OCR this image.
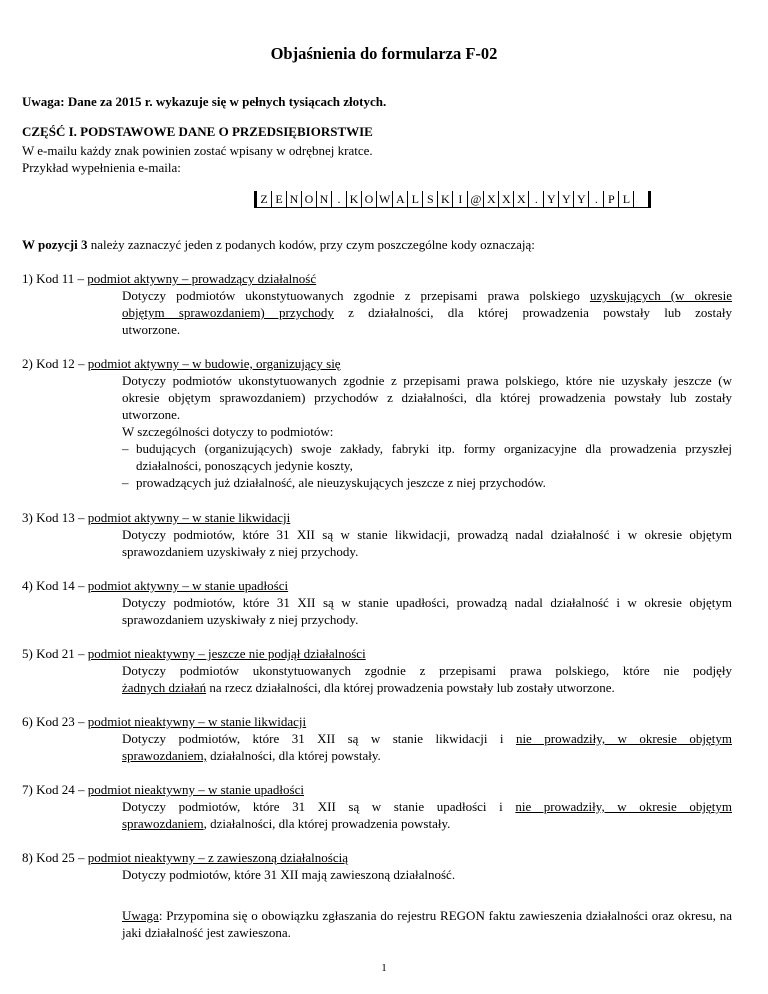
Objaśnienia do formularza F-02
Uwaga: Dane za 2015 r. wykazuje się w pełnych tysiącach złotych.
CZĘŚĆ I. PODSTAWOWE DANE O PRZEDSIĘBIORSTWIE
W e-mailu każdy znak powinien zostać wpisany w odrębnej kratce.
Przykład wypełnienia e-maila:
Z E N O N . K O W A L S K I @ X X X . Y Y Y . P L
W pozycji 3 należy zaznaczyć jeden z podanych kodów, przy czym poszczególne kody oznaczają:
1) Kod 11 – podmiot aktywny – prowadzący działalność

Dotyczy podmiotów ukonstytuowanych zgodnie z przepisami prawa polskiego uzyskujących (w okresie

objętym sprawozdaniem) przychody z działalności, dla której prowadzenia powstały lub zostały

utworzone.

2) Kod 12 – podmiot aktywny – w budowie, organizujący się

Dotyczy podmiotów ukonstytuowanych zgodnie z przepisami prawa polskiego, które nie uzyskały jeszcze (w okresie objętym sprawozdaniem) przychodów z działalności, dla której prowadzenia powstały lub zostały utworzone.

W szczególności dotyczy to podmiotów:

– budujących (organizujących) swoje zakłady, fabryki itp. formy organizacyjne dla prowadzenia przyszłej działalności, ponoszących jedynie koszty,

– prowadzących już działalność, ale nieuzyskujących jeszcze z niej przychodów.

3) Kod 13 – podmiot aktywny – w stanie likwidacji

Dotyczy podmiotów, które 31 XII są w stanie likwidacji, prowadzą nadal działalność i w okresie objętym sprawozdaniem uzyskiwały z niej przychody.

4) Kod 14 – podmiot aktywny – w stanie upadłości

Dotyczy podmiotów, które 31 XII są w stanie upadłości, prowadzą nadal działalność i w okresie objętym sprawozdaniem uzyskiwały z niej przychody.

5) Kod 21 – podmiot nieaktywny – jeszcze nie podjął działalności

Dotyczy podmiotów ukonstytuowanych zgodnie z przepisami prawa polskiego, które nie podjęły

żadnych działań na rzecz działalności, dla której prowadzenia powstały lub zostały utworzone.

6) Kod 23 – podmiot nieaktywny – w stanie likwidacji

Dotyczy podmiotów, które 31 XII są w stanie likwidacji i nie prowadziły, w okresie objętym

sprawozdaniem, działalności, dla której powstały.

7) Kod 24 – podmiot nieaktywny – w stanie upadłości

Dotyczy podmiotów, które 31 XII są w stanie upadłości i nie prowadziły, w okresie objętym

sprawozdaniem, działalności, dla której prowadzenia powstały.

8) Kod 25 – podmiot nieaktywny – z zawieszoną działalnością

Dotyczy podmiotów, które 31 XII mają zawieszoną działalność.

Uwaga: Przypomina się o obowiązku zgłaszania do rejestru REGON faktu zawieszenia działalności oraz okresu, na jaki działalność jest zawieszona.
1
